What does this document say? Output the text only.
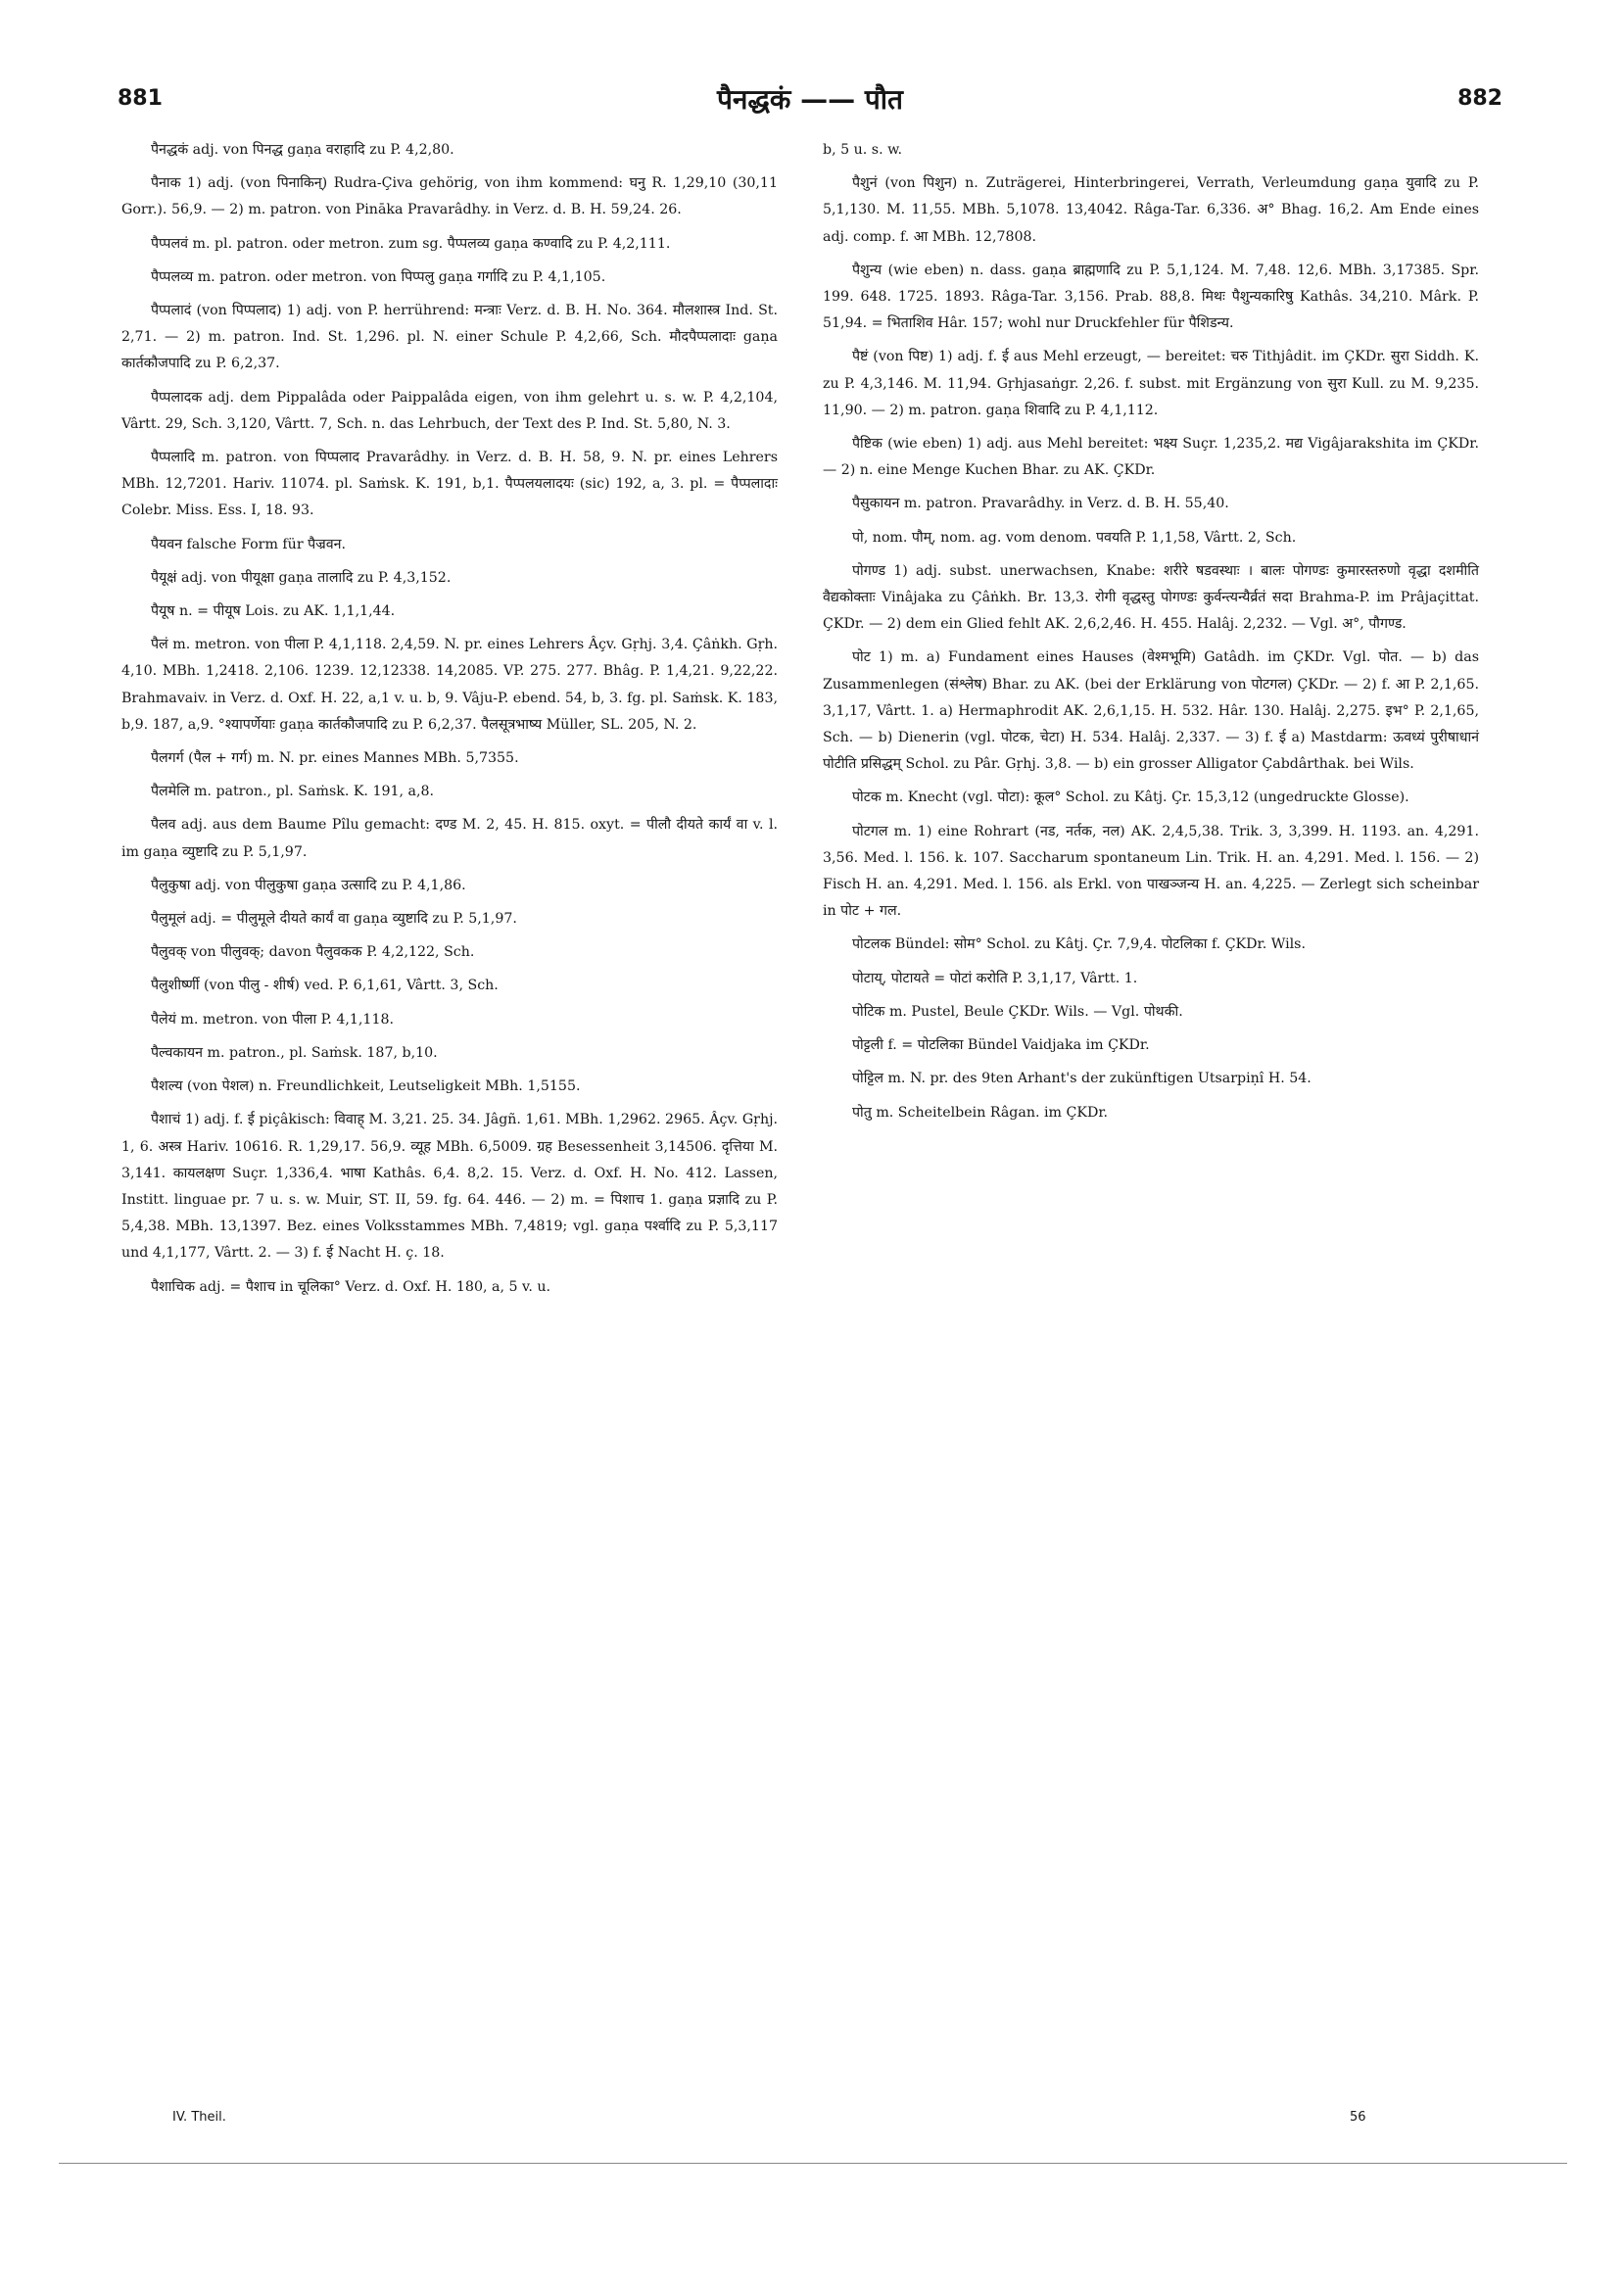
881	पैनद्धकं —— पौत	882

पैनद्धकं adj. von पिनद्ध gaṇa वराहादि zu P. 4,2,80.

पैनाक 1) adj. (von पिनाकिन्) Rudra-Çiva gehörig, von ihm kommend: घनु R. 1,29,10 (30,11 Gorr.). 56,9. — 2) m. patron. von Pināka Pravarâdhy. in Verz. d. B. H. 59,24. 26.

पैप्पलवं m. pl. patron. oder metron. zum sg. पैप्पलव्य gaṇa कण्वादि zu P. 4,2,111.

पैप्पलव्य m. patron. oder metron. von पिप्पलु gaṇa गर्गादि zu P. 4,1,105.

पैप्पलादं (von पिप्पलाद) 1) adj. von P. herrührend: मन्त्राः Verz. d. B. H. No. 364. मौलशास्त्र Ind. St. 2,71. — 2) m. patron. Ind. St. 1,296. pl. N. einer Schule P. 4,2,66, Sch. मौदपैप्पलादाः gaṇa कार्तकौजपादि zu P. 6,2,37.

पैप्पलादक adj. dem Pippalâda oder Paippalâda eigen, von ihm gelehrt u. s. w. P. 4,2,104, Vârtt. 29, Sch. 3,120, Vârtt. 7, Sch. n. das Lehrbuch, der Text des P. Ind. St. 5,80, N. 3.

पैप्पलादि m. patron. von पिप्पलाद Pravarâdhy. in Verz. d. B. H. 58, 9. N. pr. eines Lehrers MBh. 12,7201. Hariv. 11074. pl. Saṁsk. K. 191, b,1. पैप्पलयलादयः (sic) 192, a, 3. pl. = पैप्पलादाः Colebr. Miss. Ess. I, 18. 93.

पैयवन falsche Form für पैज्रवन.

पैयूक्षं adj. von पीयूक्षा gaṇa तालादि zu P. 4,3,152.

पैयूष n. = पीयूष Lois. zu AK. 1,1,1,44.

पैलं m. metron. von पीला P. 4,1,118. 2,4,59. N. pr. eines Lehrers Âçv. Gṛhj. 3,4. Çâṅkh. Gṛh. 4,10. MBh. 1,2418. 2,106. 1239. 12,12338. 14,2085. VP. 275. 277. Bhâg. P. 1,4,21. 9,22,22. Brahmavaiv. in Verz. d. Oxf. H. 22, a,1 v. u. b, 9. Vâju-P. ebend. 54, b, 3. fg. pl. Saṁsk. K. 183, b,9. 187, a,9. °श्यापर्णेयाः gaṇa कार्तकौजपादि zu P. 6,2,37. पैलसूत्रभाष्य Müller, SL. 205, N. 2.

पैलगर्ग (पैल + गर्ग) m. N. pr. eines Mannes MBh. 5,7355.

पैलमेलि m. patron., pl. Saṁsk. K. 191, a,8.

पैलव adj. aus dem Baume Pîlu gemacht: दण्ड M. 2, 45. H. 815. oxyt. = पीलौ दीयते कार्यं वा v. l. im gaṇa व्युष्टादि zu P. 5,1,97.

पैलुकुषा adj. von पीलुकुषा gaṇa उत्सादि zu P. 4,1,86.

पैलुमूलं adj. = पीलुमूले दीयते कार्यं वा gaṇa व्युष्टादि zu P. 5,1,97.

पैलुवक् von पीलुवक्; davon पैलुवकक P. 4,2,122, Sch.

पैलुशीर्ष्णी (von पीलु - शीर्ष) ved. P. 6,1,61, Vârtt. 3, Sch.

पैलेयं m. metron. von पीला P. 4,1,118.

पैल्वकायन m. patron., pl. Saṁsk. 187, b,10.

पैशल्य (von पेशल) n. Freundlichkeit, Leutseligkeit MBh. 1,5155.

पैशाचं 1) adj. f. ई piçâkisch: विवाह् M. 3,21. 25. 34. Jâgñ. 1,61. MBh. 1,2962. 2965. Âçv. Gṛhj. 1, 6. अस्त्र Hariv. 10616. R. 1,29,17. 56,9. व्यूह MBh. 6,5009. ग्रह Besessenheit 3,14506. दृत्तिया M. 3,141. कायलक्षण Suçr. 1,336,4. भाषा Kathâs. 6,4. 8,2. 15. Verz. d. Oxf. H. No. 412. Lassen, Institt. linguae pr. 7 u. s. w. Muir, ST. II, 59. fg. 64. 446. — 2) m. = पिशाच 1. gaṇa प्रज्ञादि zu P. 5,4,38. MBh. 13,1397. Bez. eines Volksstammes MBh. 7,4819; vgl. gaṇa पर्श्वादि zu P. 5,3,117 und 4,1,177, Vârtt. 2. — 3) f. ई Nacht H. ç. 18.

पैशाचिक adj. = पैशाच in चूलिका° Verz. d. Oxf. H. 180, a, 5 v. u.

b, 5 u. s. w.

पैशुनं (von पिशुन) n. Zuträgerei, Hinterbringerei, Verrath, Verleumdung gaṇa युवादि zu P. 5,1,130. M. 11,55. MBh. 5,1078. 13,4042. Râga-Tar. 6,336. अ° Bhag. 16,2. Am Ende eines adj. comp. f. आ MBh. 12,7808.

पैशुन्य (wie eben) n. dass. gaṇa ब्राह्मणादि zu P. 5,1,124. M. 7,48. 12,6. MBh. 3,17385. Spr. 199. 648. 1725. 1893. Râga-Tar. 3,156. Prab. 88,8. मिथः पैशुन्यकारिषु Kathâs. 34,210. Mârk. P. 51,94. = भिताशिव Hâr. 157; wohl nur Druckfehler für पैशिडन्य.

पैष्टं (von पिष्ट) 1) adj. f. ई aus Mehl erzeugt, — bereitet: चरु Tithjâdit. im ÇKDr. सुरा Siddh. K. zu P. 4,3,146. M. 11,94. Gṛhjasaṅgr. 2,26. f. subst. mit Ergänzung von सुरा Kull. zu M. 9,235. 11,90. — 2) m. patron. gaṇa शिवादि zu P. 4,1,112.

पैष्टिक (wie eben) 1) adj. aus Mehl bereitet: भक्ष्य Suçr. 1,235,2. मद्य Vigâjarakshita im ÇKDr. — 2) n. eine Menge Kuchen Bhar. zu AK. ÇKDr.

पैसुकायन m. patron. Pravarâdhy. in Verz. d. B. H. 55,40.

पो, nom. पौम्, nom. ag. vom denom. पवयति P. 1,1,58, Vârtt. 2, Sch.

पोगण्ड 1) adj. subst. unerwachsen, Knabe: शरीरे षडवस्थाः । बालः पोगण्डः कुमारस्तरुणो वृद्धा दशमीति वैद्यकोक्ताः Vinâjaka zu Çâṅkh. Br. 13,3. रोगी वृद्धस्तु पोगण्डः कुर्वन्त्यन्यैर्व्रतं सदा Brahma-P. im Prâjaçittat. ÇKDr. — 2) dem ein Glied fehlt AK. 2,6,2,46. H. 455. Halâj. 2,232. — Vgl. अ°, पौगण्ड.

पोट 1) m. a) Fundament eines Hauses (वेश्मभूमि) Gatâdh. im ÇKDr. Vgl. पोत. — b) das Zusammenlegen (संश्लेष) Bhar. zu AK. (bei der Erklärung von पोटगल) ÇKDr. — 2) f. आ P. 2,1,65. 3,1,17, Vârtt. 1. a) Hermaphrodit AK. 2,6,1,15. H. 532. Hâr. 130. Halâj. 2,275. इभ° P. 2,1,65, Sch. — b) Dienerin (vgl. पोटक, चेटा) H. 534. Halâj. 2,337. — 3) f. ई a) Mastdarm: ऊवध्यं पुरीषाधानं पोटीति प्रसिद्धम् Schol. zu Pâr. Gṛhj. 3,8. — b) ein grosser Alligator Çabdârthak. bei Wils.

पोटक m. Knecht (vgl. पोटा): कूल° Schol. zu Kâtj. Çr. 15,3,12 (ungedruckte Glosse).

पोटगल m. 1) eine Rohrart (नड, नर्तक, नल) AK. 2,4,5,38. Trik. 3, 3,399. H. 1193. an. 4,291. 3,56. Med. l. 156. k. 107. Saccharum spontaneum Lin. Trik. H. an. 4,291. Med. l. 156. — 2) Fisch H. an. 4,291. Med. l. 156. als Erkl. von पाखञ्जन्य H. an. 4,225. — Zerlegt sich scheinbar in पोट + गल.

पोटलक Bündel: सोम° Schol. zu Kâtj. Çr. 7,9,4. पोटलिका f. ÇKDr. Wils.

पोटाय्, पोटायते = पोटां करोति P. 3,1,17, Vârtt. 1.

पोटिक m. Pustel, Beule ÇKDr. Wils. — Vgl. पोथकी.

पोट्टली f. = पोटलिका Bündel Vaidjaka im ÇKDr.

पोट्टिल m. N. pr. des 9ten Arhant's der zukünftigen Utsarpiṇî H. 54.

पोतु m. Scheitelbein Râgan. im ÇKDr.

IV. Theil.	56
